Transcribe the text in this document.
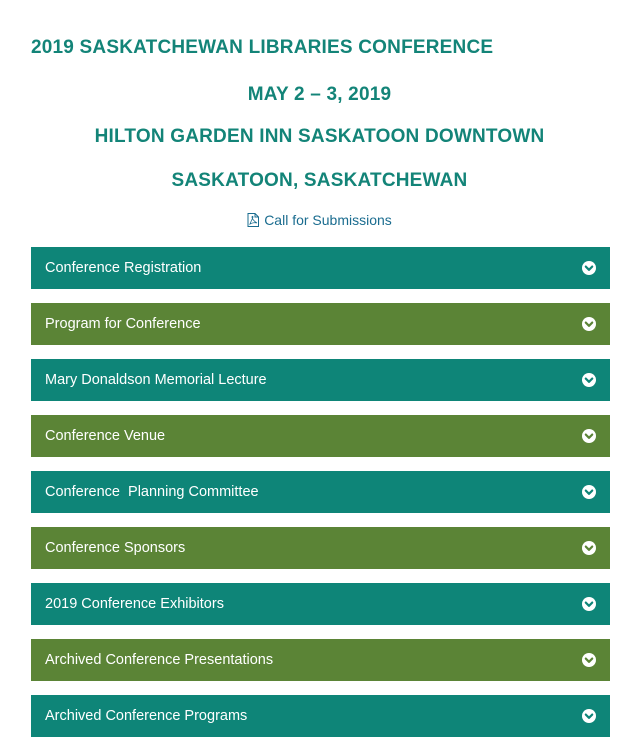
2019 SASKATCHEWAN LIBRARIES CONFERENCE
MAY 2 – 3, 2019
HILTON GARDEN INN SASKATOON DOWNTOWN
SASKATOON, SASKATCHEWAN
Call for Submissions
Conference Registration
Program for Conference
Mary Donaldson Memorial Lecture
Conference Venue
Conference  Planning Committee
Conference Sponsors
2019 Conference Exhibitors
Archived Conference Presentations
Archived Conference Programs
